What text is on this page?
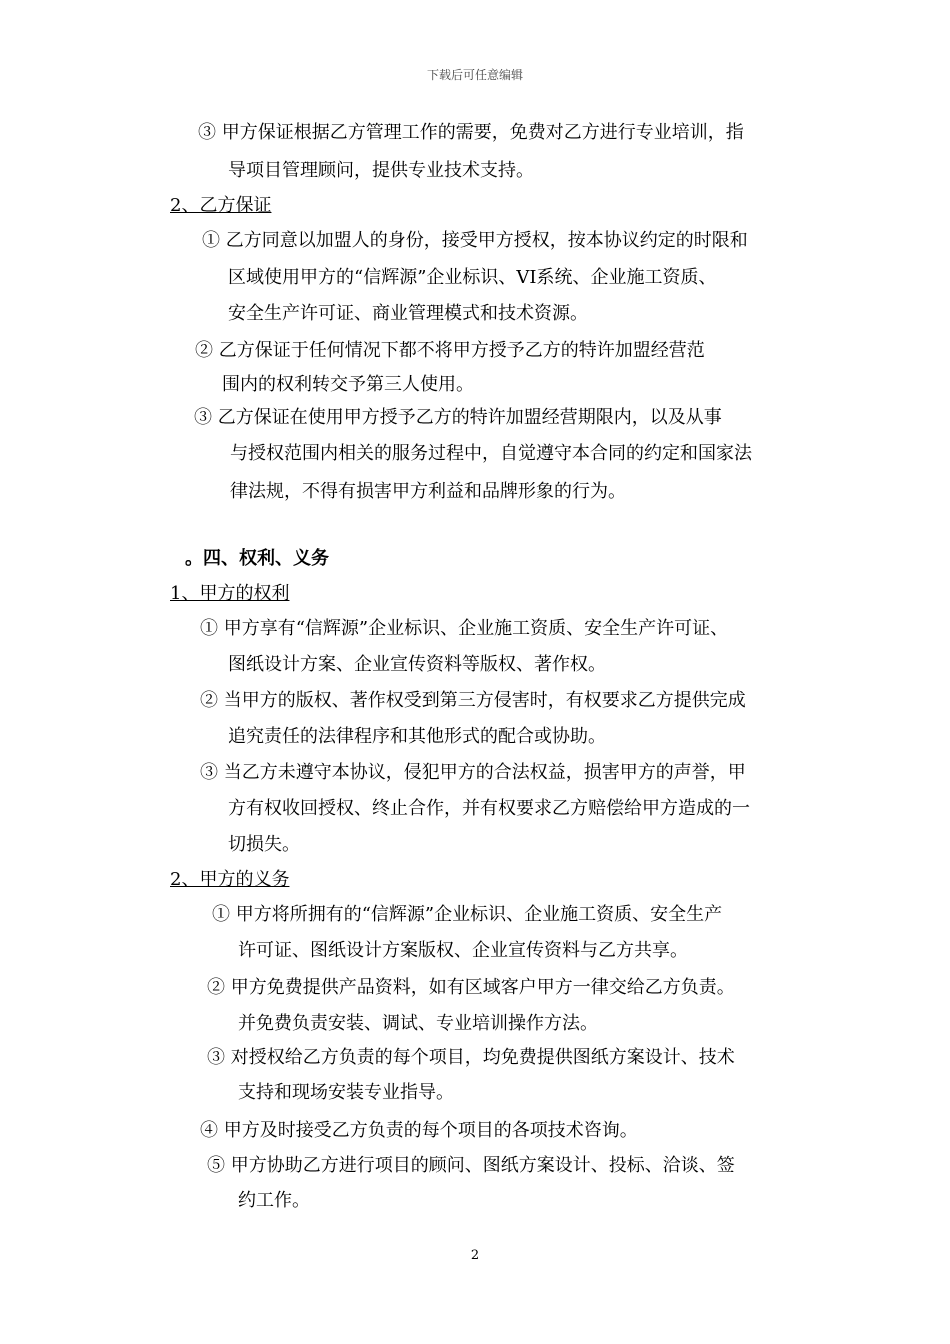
下载后可任意编辑
③ 甲方保证根据乙方管理工作的需要，免费对乙方进行专业培训，指
导项目管理顾问，提供专业技术支持。
2、乙方保证
① 乙方同意以加盟人的身份，接受甲方授权，按本协议约定的时限和
区域使用甲方的“信辉源”企业标识、VI系统、企业施工资质、
安全生产许可证、商业管理模式和技术资源。
② 乙方保证于任何情况下都不将甲方授予乙方的特许加盟经营范
围内的权利转交予第三人使用。
③ 乙方保证在使用甲方授予乙方的特许加盟经营期限内，以及从事
与授权范围内相关的服务过程中，自觉遵守本合同的约定和国家法
律法规，不得有损害甲方利益和品牌形象的行为。
。四、权利、义务
1、甲方的权利
① 甲方享有“信辉源”企业标识、企业施工资质、安全生产许可证、
图纸设计方案、企业宣传资料等版权、著作权。
② 当甲方的版权、著作权受到第三方侵害时，有权要求乙方提供完成
追究责任的法律程序和其他形式的配合或协助。
③ 当乙方未遵守本协议，侵犯甲方的合法权益，损害甲方的声誉，甲
方有权收回授权、终止合作，并有权要求乙方赔偿给甲方造成的一
切损失。
2、甲方的义务
① 甲方将所拥有的“信辉源”企业标识、企业施工资质、安全生产
许可证、图纸设计方案版权、企业宣传资料与乙方共享。
② 甲方免费提供产品资料，如有区域客户甲方一律交给乙方负责。
并免费负责安装、调试、专业培训操作方法。
③ 对授权给乙方负责的每个项目，均免费提供图纸方案设计、技术
支持和现场安装专业指导。
④ 甲方及时接受乙方负责的每个项目的各项技术咨询。
⑤ 甲方协助乙方进行项目的顾问、图纸方案设计、投标、洽谈、签
约工作。
2
